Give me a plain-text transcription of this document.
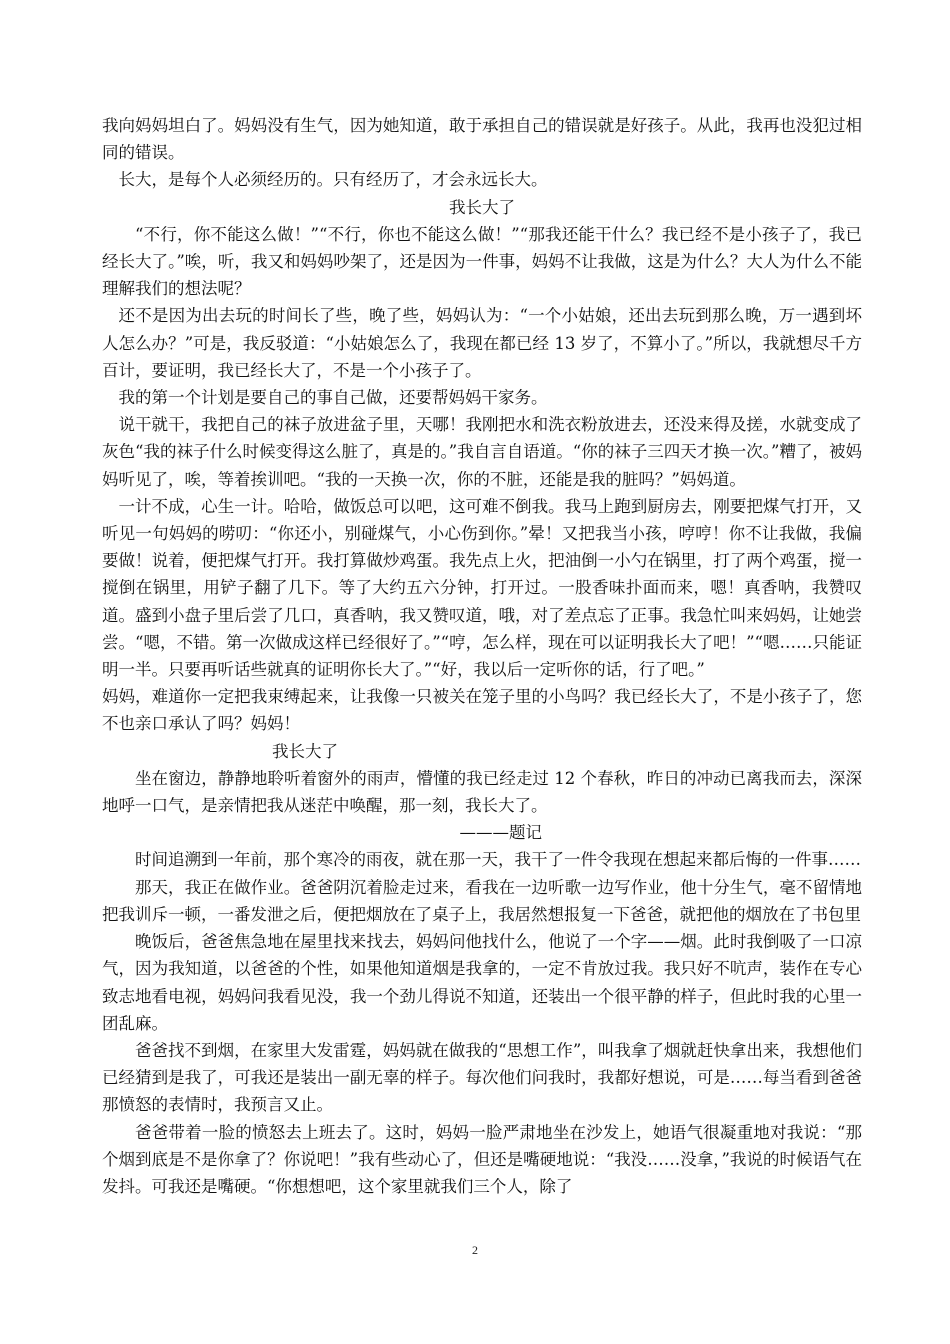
我向妈妈坦白了。妈妈没有生气，因为她知道，敢于承担自己的错误就是好孩子。从此，我再也没犯过相同的错误。

长大，是每个人必须经历的。只有经历了，才会永远长大。

我长大了

“不行，你不能这么做！”“不行，你也不能这么做！”“那我还能干什么？我已经不是小孩子了，我已经长大了。”唉，听，我又和妈妈吵架了，还是因为一件事，妈妈不让我做，这是为什么？大人为什么不能理解我们的想法呢？

还不是因为出去玩的时间长了些，晚了些，妈妈认为：“一个小姑娘，还出去玩到那么晚，万一遇到坏人怎么办？”可是，我反驳道：“小姑娘怎么了，我现在都已经 13 岁了，不算小了。”所以，我就想尽千方百计，要证明，我已经长大了，不是一个小孩子了。

我的第一个计划是要自己的事自己做，还要帮妈妈干家务。

说干就干，我把自己的袜子放进盆子里，天哪！我刚把水和洗衣粉放进去，还没来得及搓，水就变成了灰色“我的袜子什么时候变得这么脏了，真是的。”我自言自语道。“你的袜子三四天才换一次。”糟了，被妈妈听见了，唉，等着挨训吧。“我的一天换一次，你的不脏，还能是我的脏吗？”妈妈道。

一计不成，心生一计。哈哈，做饭总可以吧，这可难不倒我。我马上跑到厨房去，刚要把煤气打开，又听见一句妈妈的唠叨：“你还小，别碰煤气，小心伤到你。”晕！又把我当小孩，哼哼！你不让我做，我偏要做！说着，便把煤气打开。我打算做炒鸡蛋。我先点上火，把油倒一小勺在锅里，打了两个鸡蛋，搅一搅倒在锅里，用铲子翻了几下。等了大约五六分钟，打开过。一股香味扑面而来，嗯！真香呐，我赞叹道。盛到小盘子里后尝了几口，真香呐，我又赞叹道，哦，对了差点忘了正事。我急忙叫来妈妈，让她尝尝。“嗯，不错。第一次做成这样已经很好了。”“哼，怎么样，现在可以证明我长大了吧！”“嗯……只能证明一半。只要再听话些就真的证明你长大了。”“好，我以后一定听你的话，行了吧。”

妈妈，难道你一定把我束缚起来，让我像一只被关在笼子里的小鸟吗？我已经长大了，不是小孩子了，您不也亲口承认了吗？妈妈！

我长大了

坐在窗边，静静地聆听着窗外的雨声，懵懂的我已经走过 12 个春秋，昨日的冲动已离我而去，深深地呼一口气，是亲情把我从迷茫中唤醒，那一刻，我长大了。

———题记

时间追溯到一年前，那个寒冷的雨夜，就在那一天，我干了一件令我现在想起来都后悔的一件事……

那天，我正在做作业。爸爸阴沉着脸走过来，看我在一边听歌一边写作业，他十分生气，毫不留情地把我训斥一顿，一番发泄之后，便把烟放在了桌子上，我居然想报复一下爸爸，就把他的烟放在了书包里

晚饭后，爸爸焦急地在屋里找来找去，妈妈问他找什么，他说了一个字——烟。此时我倒吸了一口凉气，因为我知道，以爸爸的个性，如果他知道烟是我拿的，一定不肯放过我。我只好不吭声，装作在专心致志地看电视，妈妈问我看见没，我一个劲儿得说不知道，还装出一个很平静的样子，但此时我的心里一团乱麻。

爸爸找不到烟，在家里大发雷霆，妈妈就在做我的“思想工作”，叫我拿了烟就赶快拿出来，我想他们已经猜到是我了，可我还是装出一副无辜的样子。每次他们问我时，我都好想说，可是……每当看到爸爸那愤怒的表情时，我预言又止。

爸爸带着一脸的愤怒去上班去了。这时，妈妈一脸严肃地坐在沙发上，她语气很凝重地对我说：“那个烟到底是不是你拿了？你说吧！”我有些动心了，但还是嘴硬地说：“我没……没拿，”我说的时候语气在发抖。可我还是嘴硬。“你想想吧，这个家里就我们三个人，除了

2
